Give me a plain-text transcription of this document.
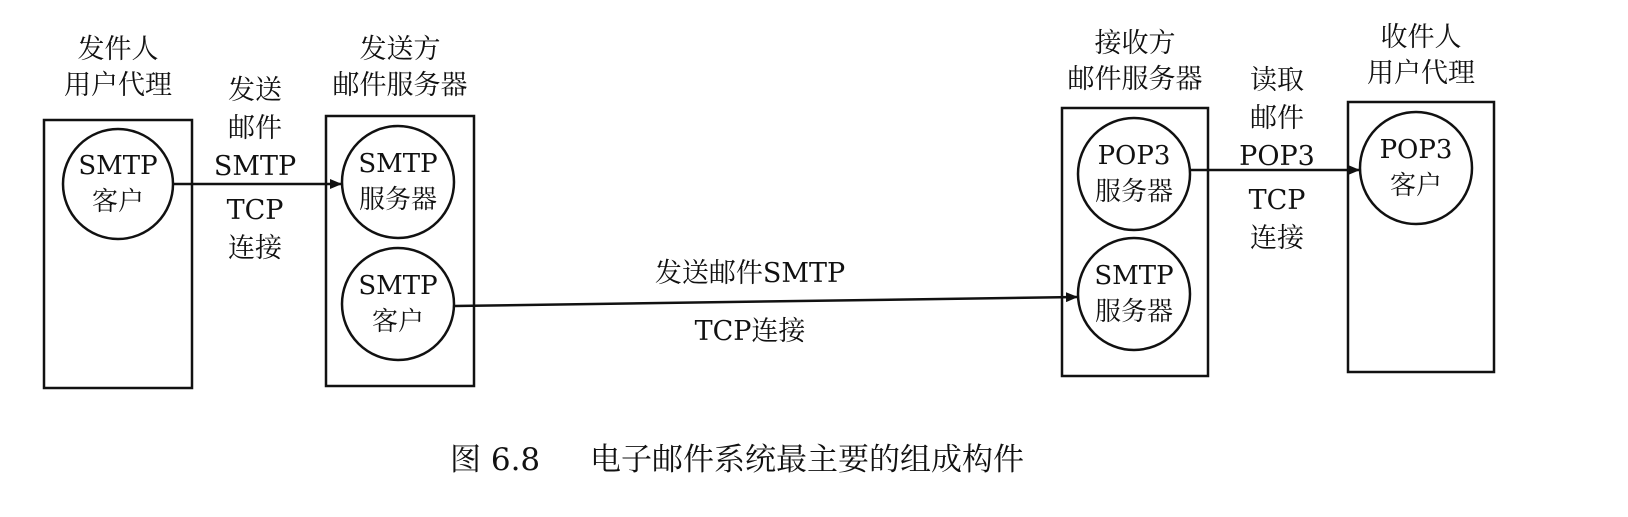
发件人
用户代理
SMTP
客户
发送
邮件
SMTP
TCP
连接
发送方
邮件服务器
SMTP
服务器
SMTP
客户
发送邮件SMTP
TCP连接
接收方
邮件服务器
POP3
服务器
SMTP
服务器
读取
邮件
POP3
TCP
连接
收件人
用户代理
POP3
客户
图 6.8 电子邮件系统最主要的组成构件
